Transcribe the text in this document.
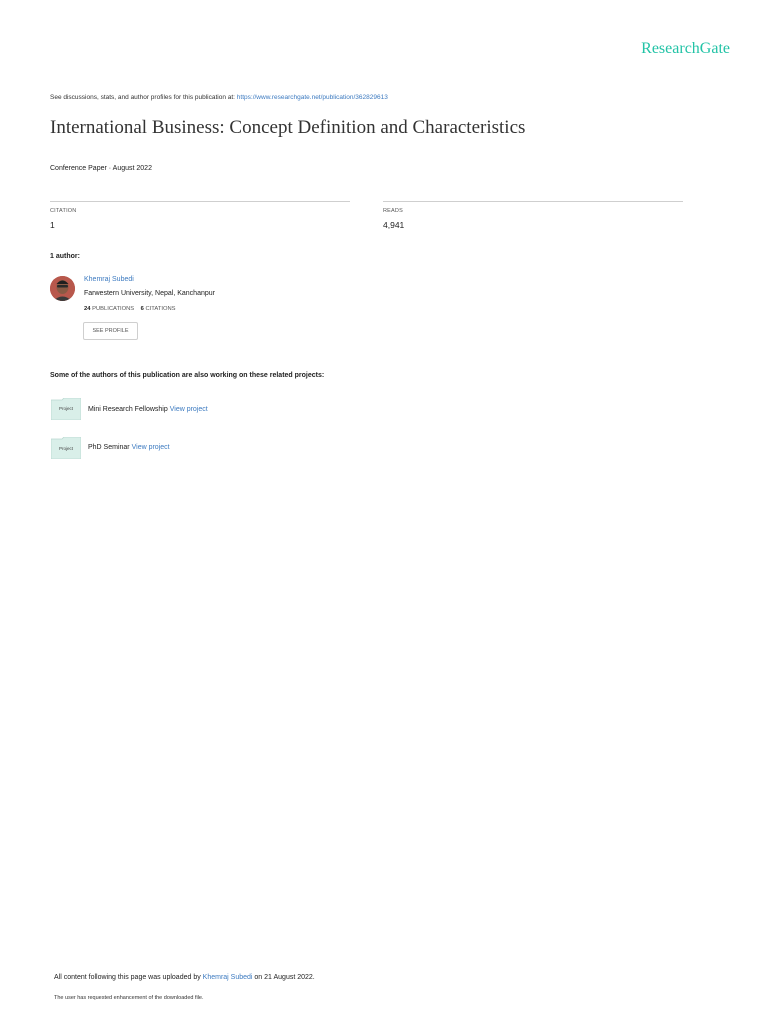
ResearchGate
See discussions, stats, and author profiles for this publication at: https://www.researchgate.net/publication/362829613
International Business: Concept Definition and Characteristics
Conference Paper · August 2022
CITATION
1
READS
4,941
1 author:
Khemraj Subedi
Farwestern University, Nepal, Kanchanpur
24 PUBLICATIONS 6 CITATIONS
SEE PROFILE
Some of the authors of this publication are also working on these related projects:
Project	Mini Research Fellowship View project
Project	PhD Seminar View project
All content following this page was uploaded by Khemraj Subedi on 21 August 2022.
The user has requested enhancement of the downloaded file.
